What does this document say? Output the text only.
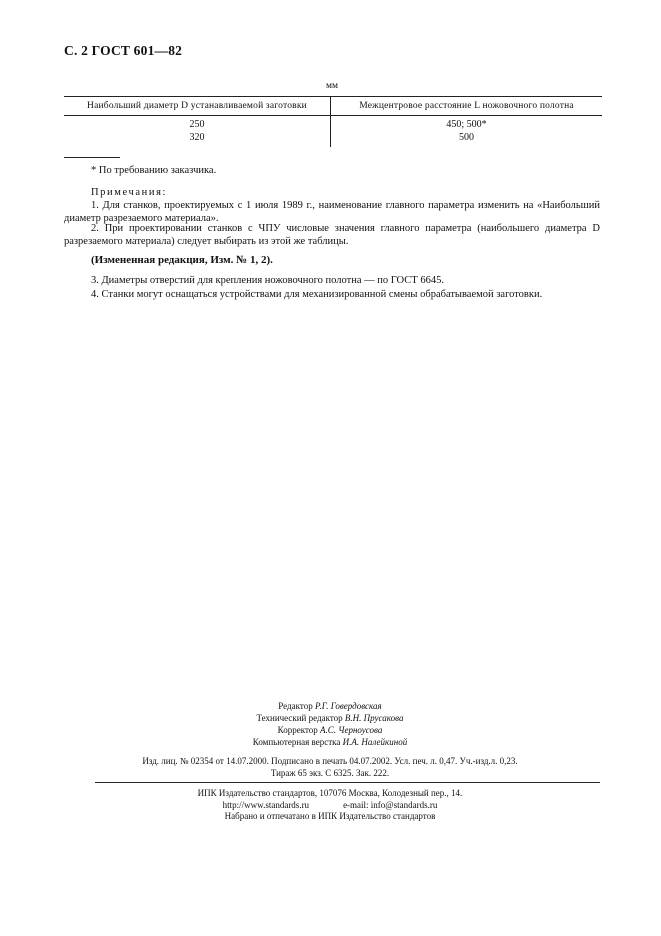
С. 2 ГОСТ 601—82
мм
Наибольший диаметр D устанавливаемой заготовки	Межцентровое расстояние L ножовочного полотна
250	450; 500*
320	500
* По требованию заказчика.
Примечания:
1. Для станков, проектируемых с 1 июля 1989 г., наименование главного параметра изменить на «Наибольший диаметр разрезаемого материала».
2. При проектировании станков с ЧПУ числовые значения главного параметра (наибольшего диаметра D разрезаемого материала) следует выбирать из этой же таблицы.
(Измененная редакция, Изм. № 1, 2).
3. Диаметры отверстий для крепления ножовочного полотна — по ГОСТ 6645.
4. Станки могут оснащаться устройствами для механизированной смены обрабатываемой заготовки.
Редактор Р.Г. Говердовская
Технический редактор В.Н. Прусакова
Корректор А.С. Черноусова
Компьютерная верстка И.А. Налейкиной
Изд. лиц. № 02354 от 14.07.2000. Подписано в печать 04.07.2002. Усл. печ. л. 0,47. Уч.-изд.л. 0,23.
Тираж 65 экз. С 6325. Зак. 222.
ИПК Издательство стандартов, 107076 Москва, Колодезный пер., 14.
http://www.standards.ru	e-mail: info@standards.ru
Набрано и отпечатано в ИПК Издательство стандартов
